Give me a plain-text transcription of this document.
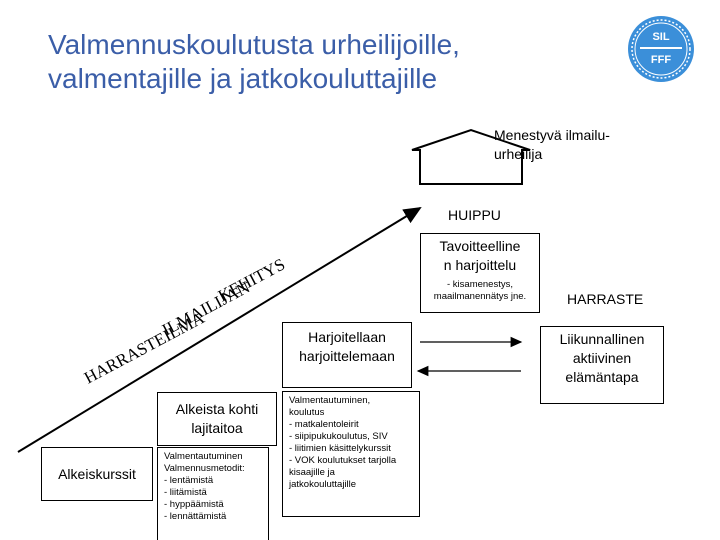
Valmennuskoulutusta urheilijoille, valmentajille ja jatkokouluttajille
SIL
FFF
HARRASTEILMA
ILMAILIJAN
KEHITYS
Menestyvä ilmailu-
urheilija
HUIPPU
Tavoitteelline
n harjoittelu
- kisamenestys,
maailmanennätys jne.	HARRASTE
Harjoitellaan
harjoittelemaan
Liikunnallinen
aktiivinen
elämäntapa
Alkeista kohti
lajitaitoa
Valmentautuminen,
koulutus
- matkalentoleirit
- siipipukukoulutus, SIV
- liitimien käsittelykurssit
- VOK koulutukset tarjolla
kisaajille ja
jatkokouluttajille
Alkeiskurssit
Valmentautuminen
Valmennusmetodit:
- lentämistä
- liitämistä
- hyppäämistä
- lennättämistä
